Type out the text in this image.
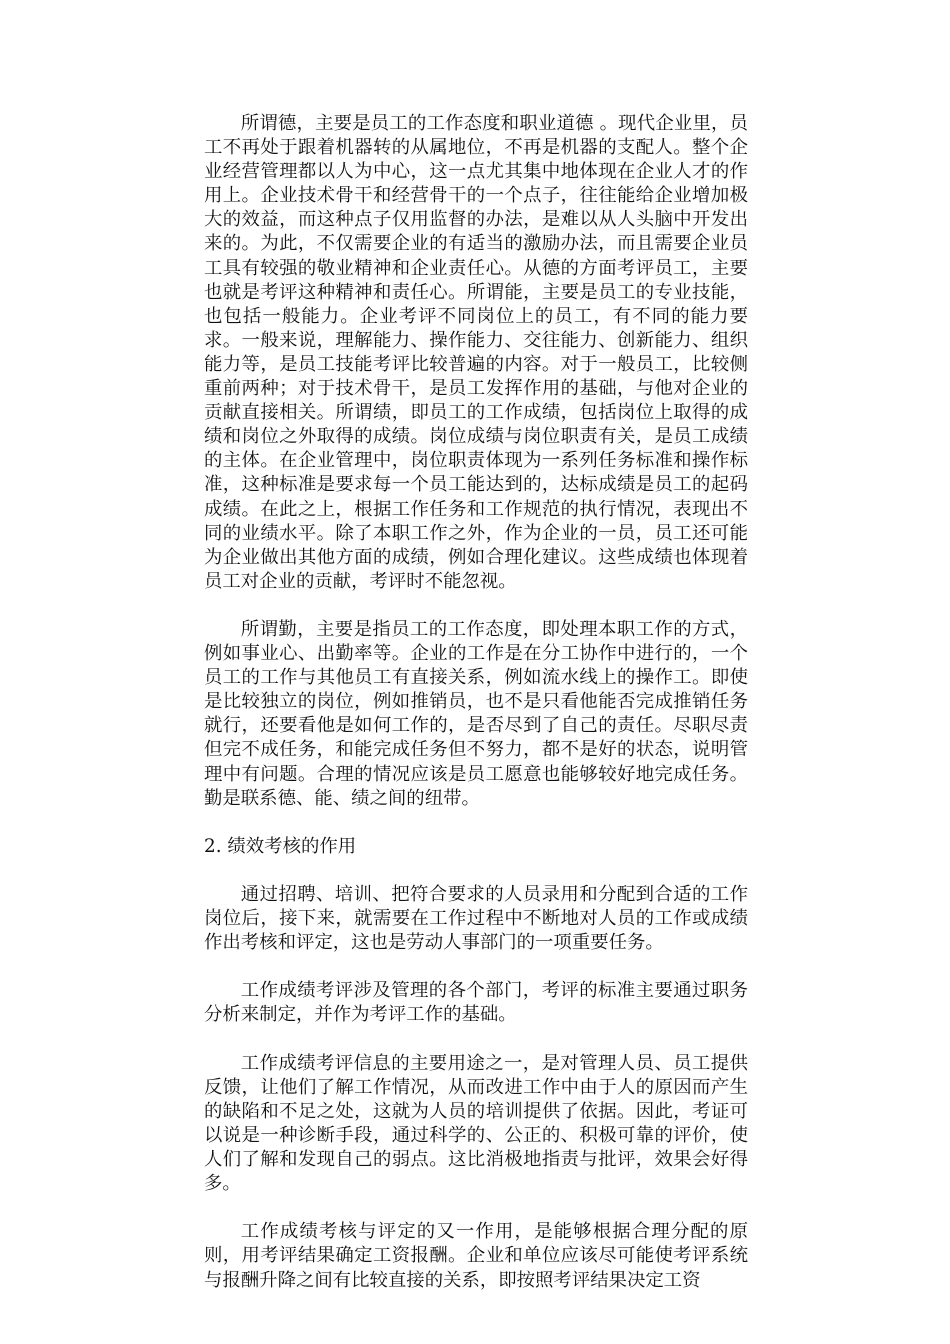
所谓德，主要是员工的工作态度和职业道德 。现代企业里，员工不再处于跟着机器转的从属地位，不再是机器的支配人。整个企业经营管理都以人为中心，这一点尤其集中地体现在企业人才的作用上。企业技术骨干和经营骨干的一个点子，往往能给企业增加极大的效益，而这种点子仅用监督的办法，是难以从人头脑中开发出来的。为此，不仅需要企业的有适当的激励办法，而且需要企业员工具有较强的敬业精神和企业责任心。从德的方面考评员工，主要也就是考评这种精神和责任心。所谓能，主要是员工的专业技能，也包括一般能力。企业考评不同岗位上的员工，有不同的能力要求。一般来说，理解能力、操作能力、交往能力、创新能力、组织能力等，是员工技能考评比较普遍的内容。对于一般员工，比较侧重前两种；对于技术骨干，是员工发挥作用的基础，与他对企业的贡献直接相关。所谓绩，即员工的工作成绩，包括岗位上取得的成绩和岗位之外取得的成绩。岗位成绩与岗位职责有关，是员工成绩的主体。在企业管理中，岗位职责体现为一系列任务标准和操作标准，这种标准是要求每一个员工能达到的，达标成绩是员工的起码成绩。在此之上，根据工作任务和工作规范的执行情况，表现出不同的业绩水平。除了本职工作之外，作为企业的一员，员工还可能为企业做出其他方面的成绩，例如合理化建议。这些成绩也体现着员工对企业的贡献，考评时不能忽视。

所谓勤，主要是指员工的工作态度，即处理本职工作的方式，例如事业心、出勤率等。企业的工作是在分工协作中进行的，一个员工的工作与其他员工有直接关系，例如流水线上的操作工。即使是比较独立的岗位，例如推销员，也不是只看他能否完成推销任务就行，还要看他是如何工作的，是否尽到了自己的责任。尽职尽责但完不成任务，和能完成任务但不努力，都不是好的状态，说明管理中有问题。合理的情况应该是员工愿意也能够较好地完成任务。勤是联系德、能、绩之间的纽带。

2. 绩效考核的作用

通过招聘、培训、把符合要求的人员录用和分配到合适的工作岗位后，接下来，就需要在工作过程中不断地对人员的工作或成绩作出考核和评定，这也是劳动人事部门的一项重要任务。

工作成绩考评涉及管理的各个部门，考评的标准主要通过职务分析来制定，并作为考评工作的基础。

工作成绩考评信息的主要用途之一，是对管理人员、员工提供反馈，让他们了解工作情况，从而改进工作中由于人的原因而产生的缺陷和不足之处，这就为人员的培训提供了依据。因此，考证可以说是一种诊断手段，通过科学的、公正的、积极可靠的评价，使人们了解和发现自己的弱点。这比消极地指责与批评，效果会好得多。

工作成绩考核与评定的又一作用，是能够根据合理分配的原则，用考评结果确定工资报酬。企业和单位应该尽可能使考评系统与报酬升降之间有比较直接的关系，即按照考评结果决定工资
